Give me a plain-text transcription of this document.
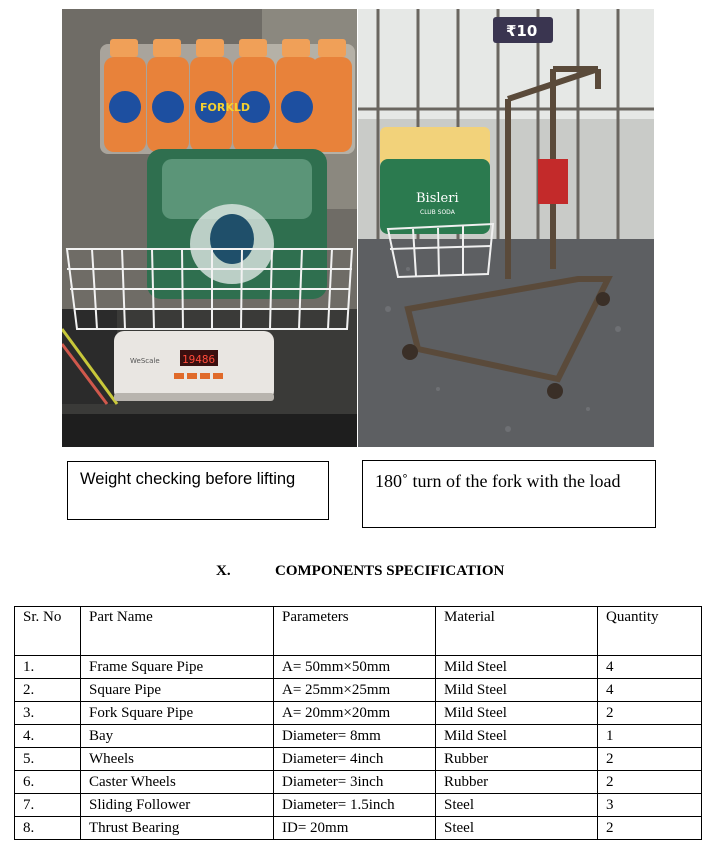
FORKLD
19486
WeScale
₹10
Bisleri
CLUB SODA
Weight checking before lifting	180˚ turn of the fork with the load
X.	COMPONENTS SPECIFICATION
Sr. No	Part Name	Parameters	Material	Quantity
1.	Frame Square Pipe	A= 50mm×50mm	Mild Steel	4
2.	Square Pipe	A= 25mm×25mm	Mild Steel	4
3.	Fork Square Pipe	A= 20mm×20mm	Mild Steel	2
4.	Bay	Diameter= 8mm	Mild Steel	1
5.	Wheels	Diameter= 4inch	Rubber	2
6.	Caster Wheels	Diameter= 3inch	Rubber	2
7.	Sliding Follower	Diameter= 1.5inch	Steel	3
8.	Thrust Bearing	ID= 20mm	Steel	2
